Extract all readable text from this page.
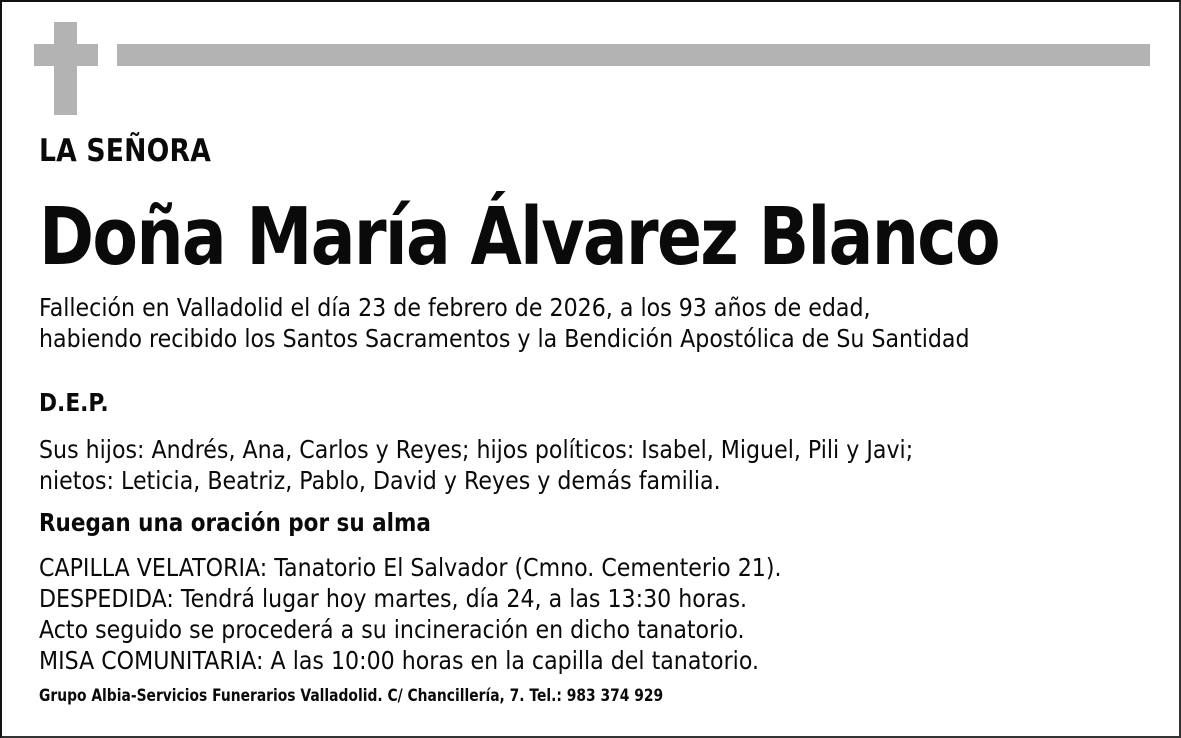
LA SEÑORA
Doña María Álvarez Blanco
Falleción en Valladolid el día 23 de febrero de 2026, a los 93 años de edad,
habiendo recibido los Santos Sacramentos y la Bendición Apostólica de Su Santidad
D.E.P.
Sus hijos: Andrés, Ana, Carlos y Reyes; hijos políticos: Isabel, Miguel, Pili y Javi;
nietos: Leticia, Beatriz, Pablo, David y Reyes y demás familia.
Ruegan una oración por su alma
CAPILLA VELATORIA: Tanatorio El Salvador (Cmno. Cementerio 21).
DESPEDIDA: Tendrá lugar hoy martes, día 24, a las 13:30 horas.
Acto seguido se procederá a su incineración en dicho tanatorio.
MISA COMUNITARIA: A las 10:00 horas en la capilla del tanatorio.
Grupo Albia-Servicios Funerarios Valladolid. C/ Chancillería, 7. Tel.: 983 374 929
